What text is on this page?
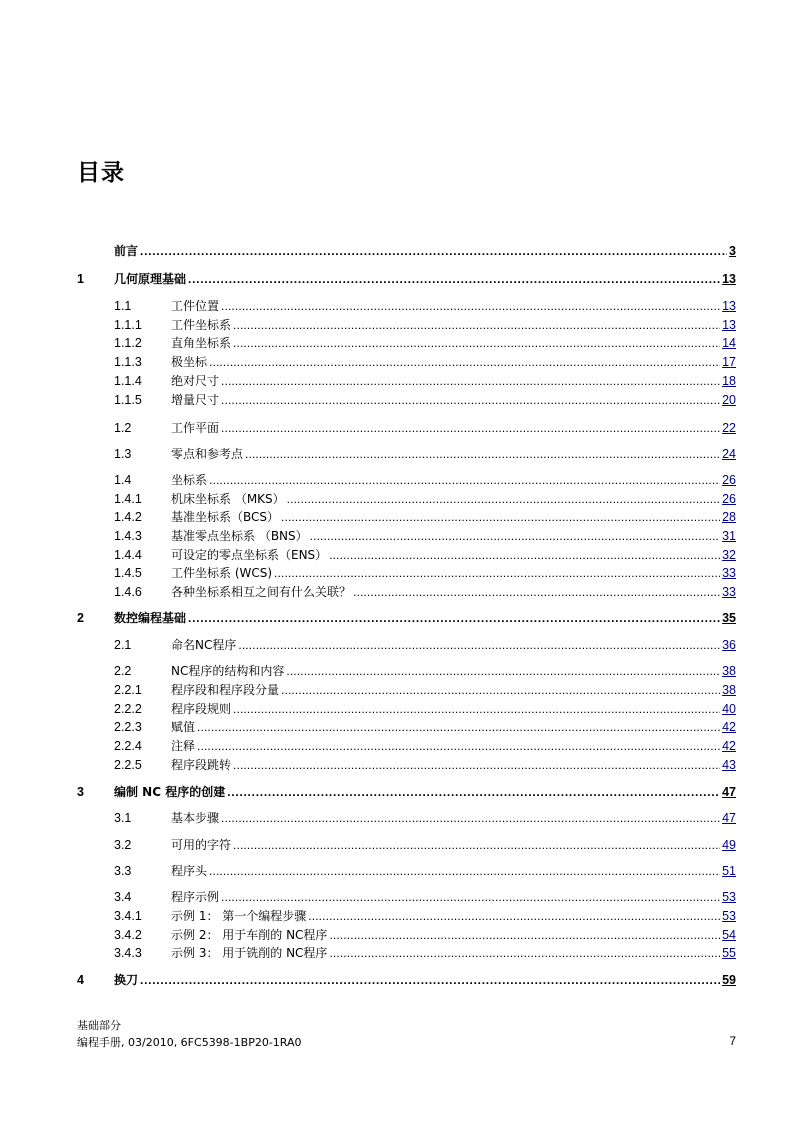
目录
前言 . . .	3
1	几何原理基础 . . .	13
1.1	工件位置 . . .	13
1.1.1 工件坐标系 . . .	13
1.1.2 直角坐标系 . . .	14
1.1.3 极坐标 . . .	17
1.1.4 绝对尺寸 . . .	18
1.1.5 增量尺寸 . . .	20
1.2	工作平面 . . .	22
1.3	零点和参考点 . . .	24
1.4	坐标系 . . .	26
1.4.1 机床坐标系 （MKS） . . .	26
1.4.2 基准坐标系（BCS） . . .	28
1.4.3 基准零点坐标系 （BNS） . . .	31
1.4.4 可设定的零点坐标系（ENS） . . .	32
1.4.5 工件坐标系 (WCS) . . .	33
1.4.6 各种坐标系相互之间有什么关联？ . . .	33
2	数控编程基础 . . .	35
2.1	命名NC程序 . . .	36
2.2	NC程序的结构和内容 . . .	38
2.2.1 程序段和程序段分量 . . .	38
2.2.2 程序段规则 . . .	40
2.2.3 赋值 . . .	42
2.2.4 注释 . . .	42
2.2.5 程序段跳转 . . .	43
3	编制 NC 程序的创建 . . .	47
3.1	基本步骤 . . .	47
3.2	可用的字符 . . .	49
3.3	程序头 . . .	51
3.4	程序示例 . . .	53
3.4.1 示例 1： 第一个编程步骤 . . .	53
3.4.2 示例 2： 用于车削的 NC程序 . . .	54
3.4.3 示例 3： 用于铣削的 NC程序 . . .	55
4	换刀 . . .	59
基础部分
编程手册, 03/2010, 6FC5398-1BP20-1RA0	7
